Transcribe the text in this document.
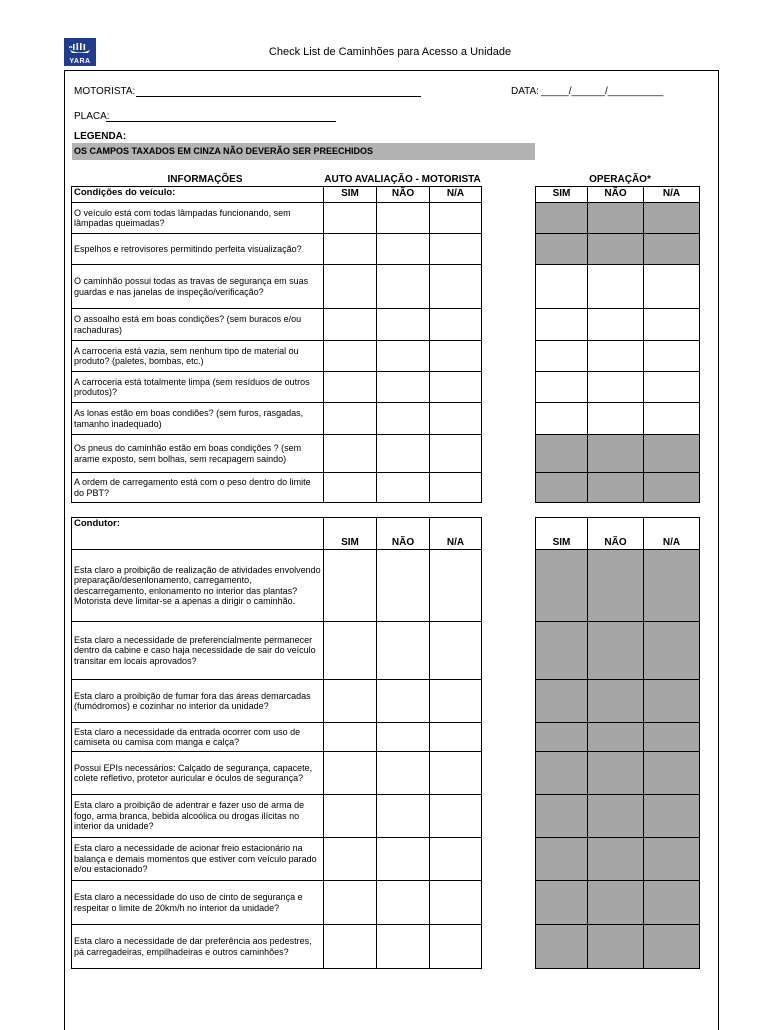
YARA
Check List de Caminhões para Acesso a Unidade
MOTORISTA:	DATA: _____/______/__________
PLACA:
LEGENDA:
OS CAMPOS TAXADOS EM CINZA NÃO DEVERÃO SER PREECHIDOS
INFORMAÇÕES	AUTO AVALIAÇÃO - MOTORISTA	OPERAÇÃO*
Condições do veículo:	SIM	NÃO	N/A
O veículo está com todas lâmpadas funcionando, sem lâmpadas queimadas?			
Espelhos e retrovisores permitindo perfeita visualização?			
O caminhão possui todas as travas de segurança em suas guardas e nas janelas de inspeção/verificação?			
O assoalho está em boas condições? (sem buracos e/ou rachaduras)			
A carroceria está vazia, sem nenhum tipo de material ou produto? (paletes, bombas, etc.)			
A carroceria está totalmente limpa (sem resíduos de outros produtos)?			
As lonas estão em boas condiões? (sem furos, rasgadas, tamanho inadequado)			
Os pneus do caminhão estão em boas condições ? (sem arame exposto, sem bolhas, sem recapagem saindo)			
A ordem de carregamento está com o peso dentro do limite do PBT?			
SIM	NÃO	N/A

Condutor:	SIM	NÃO	N/A
Esta claro a proibição de realização de atividades envolvendo preparação/desenlonamento, carregamento, descarregamento, enlonamento no interior das plantas? Motorista deve limitar-se a apenas a dirigir o caminhão.			
Esta claro a necessidade de preferencialmente permanecer dentro da cabine e caso haja necessidade de sair do veículo transitar em locais aprovados?			
Esta claro a proibição de fumar fora das áreas demarcadas (fumódromos) e cozinhar no interior da unidade?			
Esta claro a necessidade da entrada ocorrer com uso de camiseta ou camisa com manga e calça?			
Possui EPIs necessários: Calçado de segurança, capacete, colete refletivo, protetor auricular e óculos de segurança?			
Esta claro a proibição de adentrar e fazer uso de arma de fogo, arma branca, bebida alcoólica ou drogas ilícitas no interior da unidade?			
Esta claro a necessidade de acionar freio estacionário na balança e demais momentos que estiver com veículo parado e/ou estacionado?			
Esta claro a necessidade do uso de cinto de segurança e respeitar o limite de 20km/h no interior da unidade?			
Esta claro a necessidade de dar preferência aos pedestres, pá carregadeiras, empilhadeiras e outros caminhões?			
SIM	NÃO	N/A
